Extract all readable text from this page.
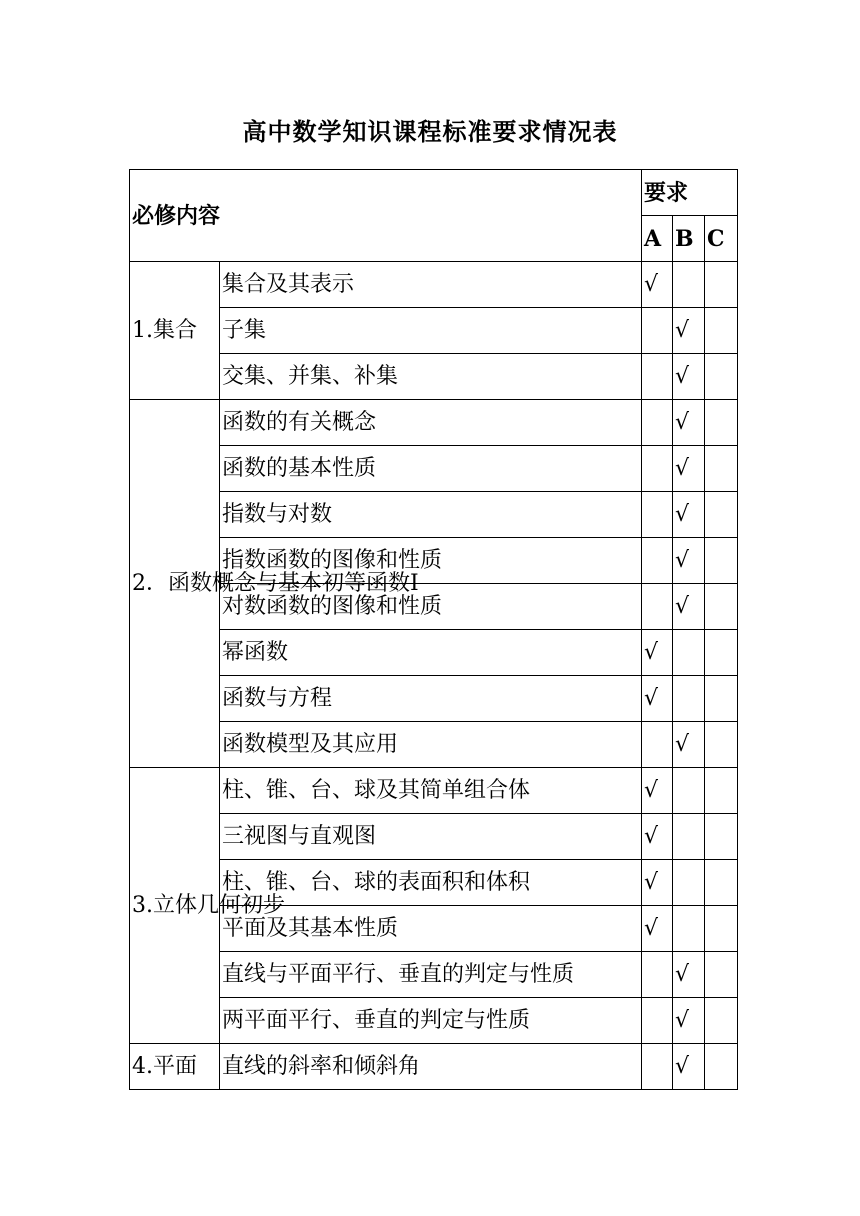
高中数学知识课程标准要求情况表
必修内容		要求		
		A	B	C
1.集合	集合及其表示	√		
	子集		√	
	交集、并集、补集		√	
2．函数概念与基本初等函数Ⅰ	函数的有关概念		√	
	函数的基本性质		√	
	指数与对数		√	
	指数函数的图像和性质		√	
	对数函数的图像和性质		√	
	幂函数	√		
	函数与方程	√		
	函数模型及其应用		√	
3.立体几何初步	柱、锥、台、球及其简单组合体	√		
	三视图与直观图	√		
	柱、锥、台、球的表面积和体积	√		
	平面及其基本性质	√		
	直线与平面平行、垂直的判定与性质		√	
	两平面平行、垂直的判定与性质		√	
4.平面	直线的斜率和倾斜角		√	
